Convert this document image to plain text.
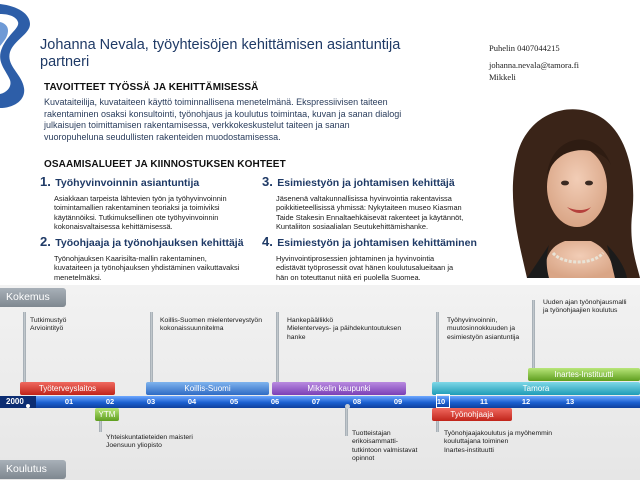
Johanna Nevala, työyhteisöjen kehittämisen asiantuntija
partneri
Puhelin 0407044215
johanna.nevala@tamora.fi
Mikkeli
TAVOITTEET TYÖSSÄ JA KEHITTÄMISESSÄ
Kuvataiteilija, kuvataiteen käyttö toiminnallisena menetelmänä. Ekspressiivisen taiteen
rakentaminen osaksi konsultointi, työnohjaus ja koulutus toimintaa, kuvan ja sanan dialogi
julkaisujen toimittamisen rakentamisessa, verkkokeskustelut taiteen ja sanan
vuoropuheluna seudullisten rakenteiden muodostamisessa.
OSAAMISALUEET JA KIINNOSTUKSEN KOHTEET
1. Työhyvinvoinnin asiantuntija
Asiakkaan tarpeista lähtevien työn ja työhyvinvoinnin
toimintamallien rakentaminen teoriaksi ja toimiviksi
käytännöiksi. Tutkimuksellinen ote työhyvinvoinnin
kokonaisvaltaisessa kehittämisessä.
2. Työohjaaja ja työnohjauksen kehittäjä
Työnohjauksen Kaarisilta-mallin rakentaminen,
kuvataiteen ja työnohjauksen yhdistäminen vaikuttavaksi
menetelmäksi.
3. Esimiestyön ja johtamisen kehittäjä
Jäsenenä valtakunnallisissa hyvinvointia rakentavissa
poikkitieteellisissä yhmissä: Nykytaiteen museo Kiasman
Taide Stakesin Ennaltaehkäisevät rakenteet ja käytännöt,
Kuntaliiton sosiaalialan Seutukehittämishanke.
4. Esimiestyön ja johtamisen kehittäminen
Hyvinvointiprosessien johtaminen ja hyvinvointia
edistävät työprosessit ovat hänen koulutusalueitaan ja
hän on toteuttanut niitä eri puolella Suomea.
Kokemus
Koulutus
Tutkimustyö
Arviointityö
Koillis-Suomen mielenterveystyön
kokonaissuunnitelma
Hankepäällikkö
Mielenterveys- ja päihdekuntoutuksen
hanke
Työhyvinvoinnin,
muutosinnokkuuden ja
esimiestyön asiantuntija
Uuden ajan työnohjausmalli
ja työnohjaajien koulutus
Työterveyslaitos	Koillis-Suomi	Mikkelin kaupunki	Tamora
Inartes-Instituutti
2000	01	02	03	04	05	06	07	08	09	10	11	12	13
YTM	Työnohjaaja
Yhteiskuntatieteiden maisteri
Joensuun yliopisto
Tuotteistajan
erikoisammatti-
tutkintoon valmistavat
opinnot
Työnohjaajakoulutus ja myöhemmin
kouluttajana toiminen
Inartes-instituutti
